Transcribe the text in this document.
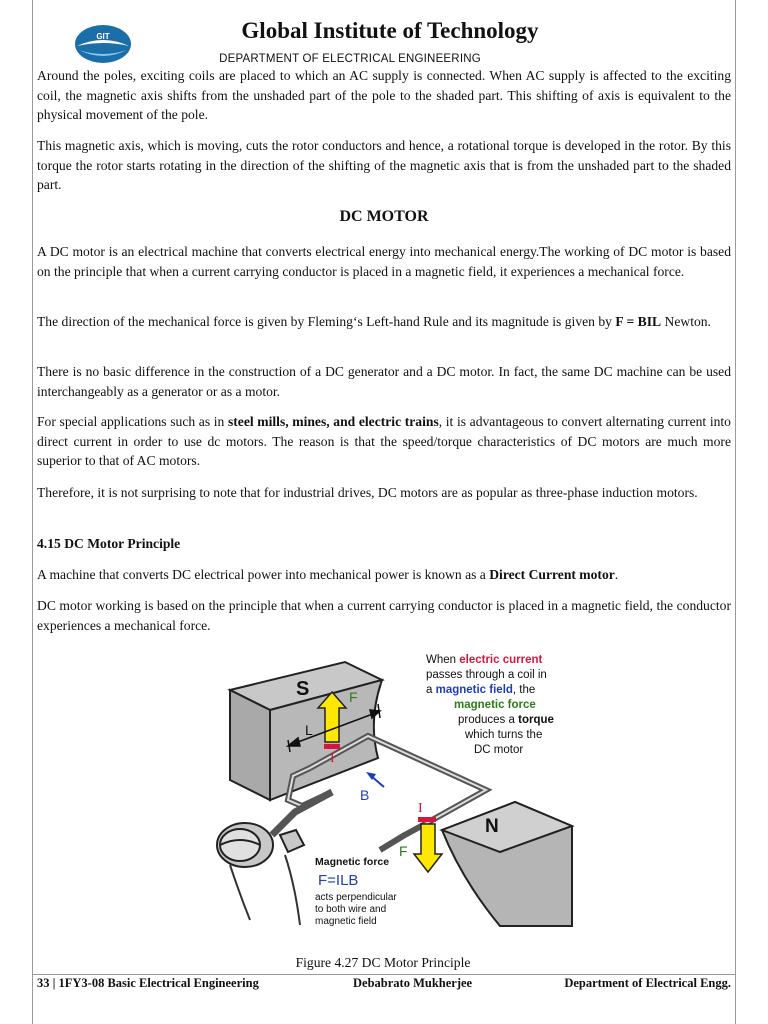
GIT	Global Institute of Technology
DEPARTMENT OF ELECTRICAL ENGINEERING

Around the poles, exciting coils are placed to which an AC supply is connected. When AC supply is affected to the exciting coil, the magnetic axis shifts from the unshaded part of the pole to the shaded part. This shifting of axis is equivalent to the physical movement of the pole.

This magnetic axis, which is moving, cuts the rotor conductors and hence, a rotational torque is developed in the rotor. By this torque the rotor starts rotating in the direction of the shifting of the magnetic axis that is from the unshaded part to the shaded part.

DC MOTOR

A DC motor is an electrical machine that converts electrical energy into mechanical energy.The working of DC motor is based on the principle that when a current carrying conductor is placed in a magnetic field, it experiences a mechanical force.

The direction of the mechanical force is given by Fleming‘s Left-hand Rule and its magnitude is given by F = BIL Newton.

There is no basic difference in the construction of a DC generator and a DC motor. In fact, the same DC machine can be used interchangeably as a generator or as a motor.

For special applications such as in steel mills, mines, and electric trains, it is advantageous to convert alternating current into direct current in order to use dc motors. The reason is that the speed/torque characteristics of DC motors are much more superior to that of AC motors.

Therefore, it is not surprising to note that for industrial drives, DC motors are as popular as three-phase induction motors.

4.15 DC Motor Principle

A machine that converts DC electrical power into mechanical power is known as a Direct Current motor.

DC motor working is based on the principle that when a current carrying conductor is placed in a magnetic field, the conductor experiences a mechanical force.

S
N
I
I
F
F
L
B
When electric current
passes through a coil in
a magnetic field, the
magnetic force
produces a torque
which turns the
DC motor
Magnetic force
F=ILB
acts perpendicular
to both wire and
magnetic field
Figure 4.27 DC Motor Principle
33 | 1FY3-08 Basic Electrical Engineering	Debabrato Mukherjee	Department of Electrical Engg.
